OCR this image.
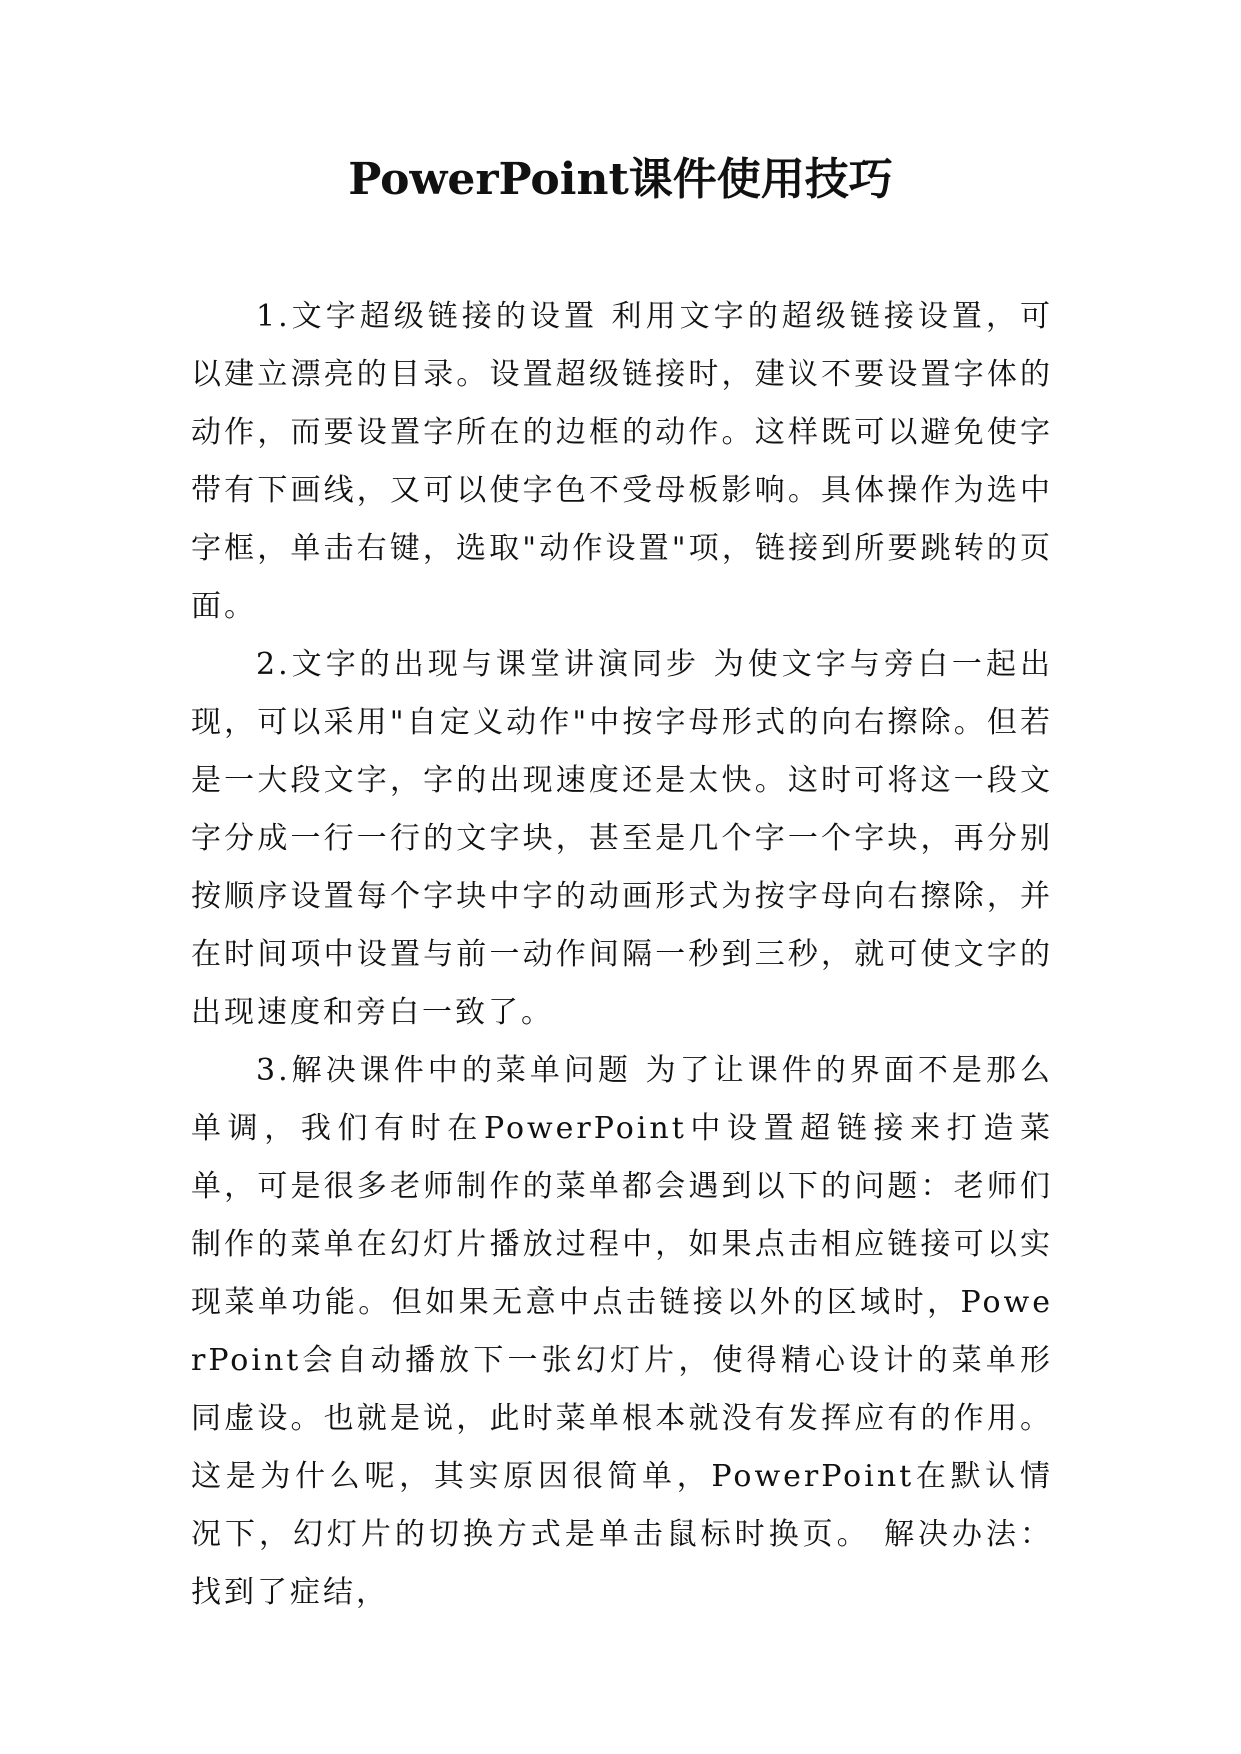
PowerPoint课件使用技巧

1.文字超级链接的设置 利用文字的超级链接设置，可以建立漂亮的目录。设置超级链接时，建议不要设置字体的动作，而要设置字所在的边框的动作。这样既可以避免使字带有下画线，又可以使字色不受母板影响。具体操作为选中字框，单击右键，选取"动作设置"项，链接到所要跳转的页面。

2.文字的出现与课堂讲演同步 为使文字与旁白一起出现，可以采用"自定义动作"中按字母形式的向右擦除。但若是一大段文字，字的出现速度还是太快。这时可将这一段文字分成一行一行的文字块，甚至是几个字一个字块，再分别按顺序设置每个字块中字的动画形式为按字母向右擦除，并在时间项中设置与前一动作间隔一秒到三秒，就可使文字的出现速度和旁白一致了。

3.解决课件中的菜单问题 为了让课件的界面不是那么单调，我们有时在PowerPoint中设置超链接来打造菜单，可是很多老师制作的菜单都会遇到以下的问题：老师们制作的菜单在幻灯片播放过程中，如果点击相应链接可以实现菜单功能。但如果无意中点击链接以外的区域时，PowerPoint会自动播放下一张幻灯片，使得精心设计的菜单形同虚设。也就是说，此时菜单根本就没有发挥应有的作用。这是为什么呢，其实原因很简单，PowerPoint在默认情况下，幻灯片的切换方式是单击鼠标时换页。 解决办法：找到了症结，
